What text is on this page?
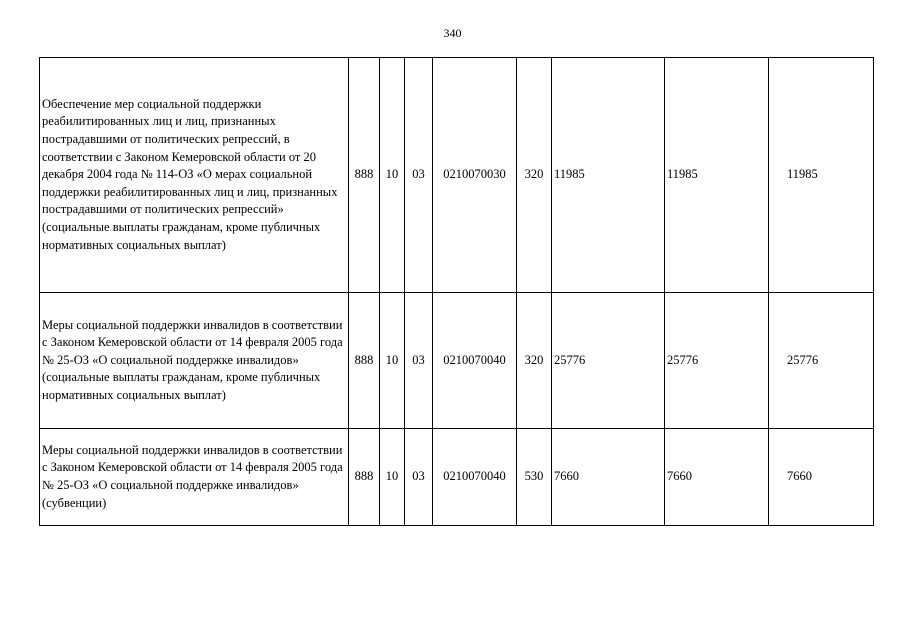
340
Обеспечение мер социальной поддержки реабилитированных лиц и лиц, признанных пострадавшими от политических репрессий, в соответствии с Законом Кемеровской области от 20 декабря 2004 года № 114-ОЗ «О мерах социальной поддержки реабилитированных лиц и лиц, признанных пострадавшими от политических репрессий» (социальные выплаты гражданам, кроме публичных нормативных социальных выплат)	888	10	03	0210070030	320	11985	11985	11985
Меры социальной поддержки инвалидов в соответствии с Законом Кемеровской области от 14 февраля 2005 года № 25-ОЗ «О социальной поддержке инвалидов» (социальные выплаты гражданам, кроме публичных нормативных социальных выплат)	888	10	03	0210070040	320	25776	25776	25776
Меры социальной поддержки инвалидов в соответствии с Законом Кемеровской области от 14 февраля 2005 года № 25-ОЗ «О социальной поддержке инвалидов» (субвенции)	888	10	03	0210070040	530	7660	7660	7660
